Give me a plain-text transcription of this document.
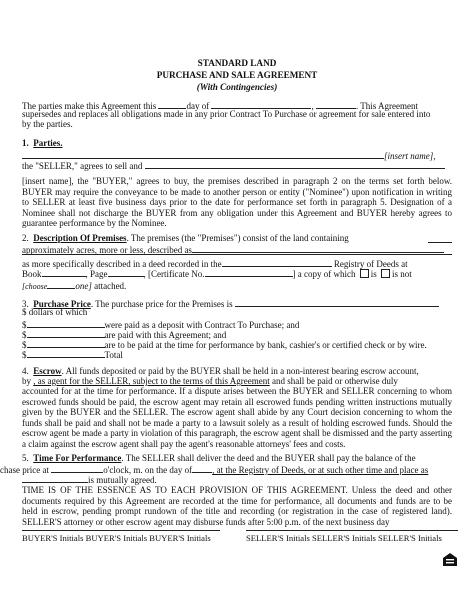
STANDARD LAND
PURCHASE AND SALE AGREEMENT
(With Contingencies)
The parties make this Agreement this	day of	,	. This Agreement
supersedes and replaces all obligations made in any prior Contract To Purchase or agreement for sale entered into
by the parties.
1. Parties.
[insert name],
the "SELLER," agrees to sell and
[insert name], the "BUYER," agrees to buy, the premises described in paragraph 2 on the terms set forth below. BUYER may require the conveyance to be made to another person or entity ("Nominee") upon notification in writing to SELLER at least five business days prior to the date for performance set forth in paragraph 5. Designation of a Nominee shall not discharge the BUYER from any obligation under this Agreement and BUYER hereby agrees to guarantee performance by the Nominee.
2. Description Of Premises. The premises (the "Premises") consist of the land containing
approximately acres, more or less, described as
as more specifically described in a deed recorded in the	Registry of Deeds at
Book	, Page	, [Certificate No.	] a copy of which is is not
[choose	one] attached.
3. Purchase Price. The purchase price for the Premises is
$ dollars of which
$	were paid as a deposit with Contract To Purchase; and
$	are paid with this Agreement; and
$	are to be paid at the time for performance by bank, cashier's or certified check or by wire.
$	Total
4. Escrow. All funds deposited or paid by the BUYER shall be held in a non-interest bearing escrow account,
by , as agent for the SELLER, subject to the terms of this Agreement and shall be paid or otherwise duly
accounted for at the time for performance. If a dispute arises between the BUYER and SELLER concerning to whom escrowed funds should be paid, the escrow agent may retain all escrowed funds pending written instructions mutually given by the BUYER and the SELLER. The escrow agent shall abide by any Court decision concerning to whom the funds shall be paid and shall not be made a party to a lawsuit solely as a result of holding escrowed funds. Should the escrow agent be made a party in violation of this paragraph, the escrow agent shall be dismissed and the party asserting a claim against the escrow agent shall pay the agent's reasonable attorneys' fees and costs.
5. Time For Performance. The SELLER shall deliver the deed and the BUYER shall pay the balance of the
chase price at	o'clock, m. on the day of , at the Registry of Deeds, or at such other time and place as
is mutually agreed.
TIME IS OF THE ESSENCE AS TO EACH PROVISION OF THIS AGREEMENT. Unless the deed and other documents required by this Agreement are recorded at the time for performance, all documents and funds are to be held in escrow, pending prompt rundown of the title and recording (or registration in the case of registered land). SELLER'S attorney or other escrow agent may disburse funds after 5:00 p.m. of the next business day
BUYER'S Initials BUYER'S Initials BUYER'S Initials	SELLER'S Initials SELLER'S Initials SELLER'S Initials
